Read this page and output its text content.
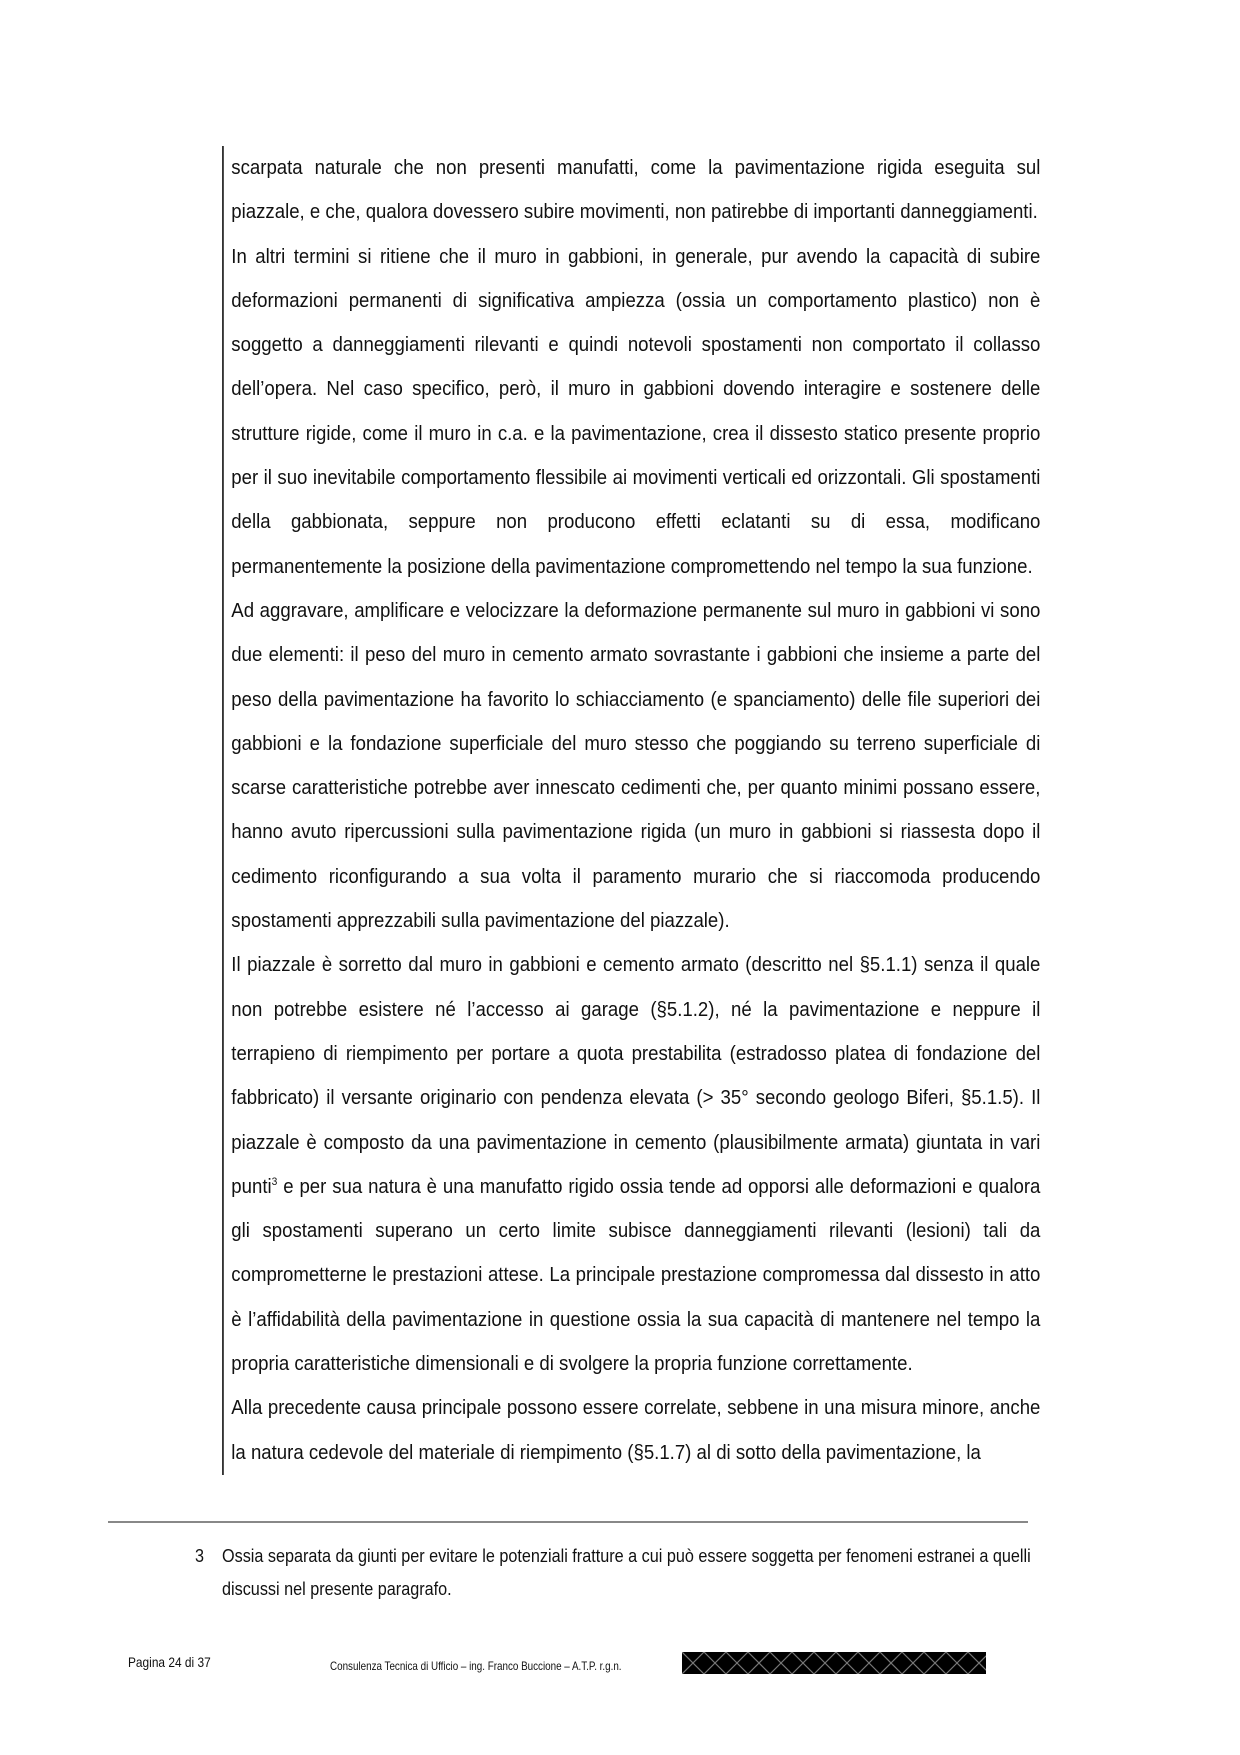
scarpata naturale che non presenti manufatti, come la pavimentazione rigida eseguita sul piazzale, e che, qualora dovessero subire movimenti, non patirebbe di importanti danneggiamenti.

In altri termini si ritiene che il muro in gabbioni, in generale, pur avendo la capacità di subire deformazioni permanenti di significativa ampiezza (ossia un comportamento plastico) non è soggetto a danneggiamenti rilevanti e quindi notevoli spostamenti non comportato il collasso dell’opera. Nel caso specifico, però, il muro in gabbioni dovendo interagire e sostenere delle strutture rigide, come il muro in c.a. e la pavimentazione, crea il dissesto statico presente proprio per il suo inevitabile comportamento flessibile ai movimenti verticali ed orizzontali. Gli spostamenti della gabbionata, seppure non producono effetti eclatanti su di essa, modificano permanentemente la posizione della pavimentazione compromettendo nel tempo la sua funzione.

Ad aggravare, amplificare e velocizzare la deformazione permanente sul muro in gabbioni vi sono due elementi: il peso del muro in cemento armato sovrastante i gabbioni che insieme a parte del peso della pavimentazione ha favorito lo schiacciamento (e spanciamento) delle file superiori dei gabbioni e la fondazione superficiale del muro stesso che poggiando su terreno superficiale di scarse caratteristiche potrebbe aver innescato cedimenti che, per quanto minimi possano essere, hanno avuto ripercussioni sulla pavimentazione rigida (un muro in gabbioni si riassesta dopo il cedimento riconfigurando a sua volta il paramento murario che si riaccomoda producendo spostamenti apprezzabili sulla pavimentazione del piazzale).

Il piazzale è sorretto dal muro in gabbioni e cemento armato (descritto nel §5.1.1) senza il quale non potrebbe esistere né l’accesso ai garage (§5.1.2), né la pavimentazione e neppure il terrapieno di riempimento per portare a quota prestabilita (estradosso platea di fondazione del fabbricato) il versante originario con pendenza elevata (> 35° secondo geologo Biferi, §5.1.5). Il piazzale è composto da una pavimentazione in cemento (plausibilmente armata) giuntata in vari punti$^3$ e per sua natura è una manufatto rigido ossia tende ad opporsi alle deformazioni e qualora gli spostamenti superano un certo limite subisce danneggiamenti rilevanti (lesioni) tali da comprometterne le prestazioni attese. La principale prestazione compromessa dal dissesto in atto è l’affidabilità della pavimentazione in questione ossia la sua capacità di mantenere nel tempo la propria caratteristiche dimensionali e di svolgere la propria funzione correttamente.

Alla precedente causa principale possono essere correlate, sebbene in una misura minore, anche la natura cedevole del materiale di riempimento (§5.1.7) al di sotto della pavimentazione, la

3 Ossia separata da giunti per evitare le potenziali fratture a cui può essere soggetta per fenomeni estranei a quelli discussi nel presente paragrafo.
Pagina 24 di 37	Consulenza Tecnica di Ufficio – ing. Franco Buccione – A.T.P. r.g.n.
